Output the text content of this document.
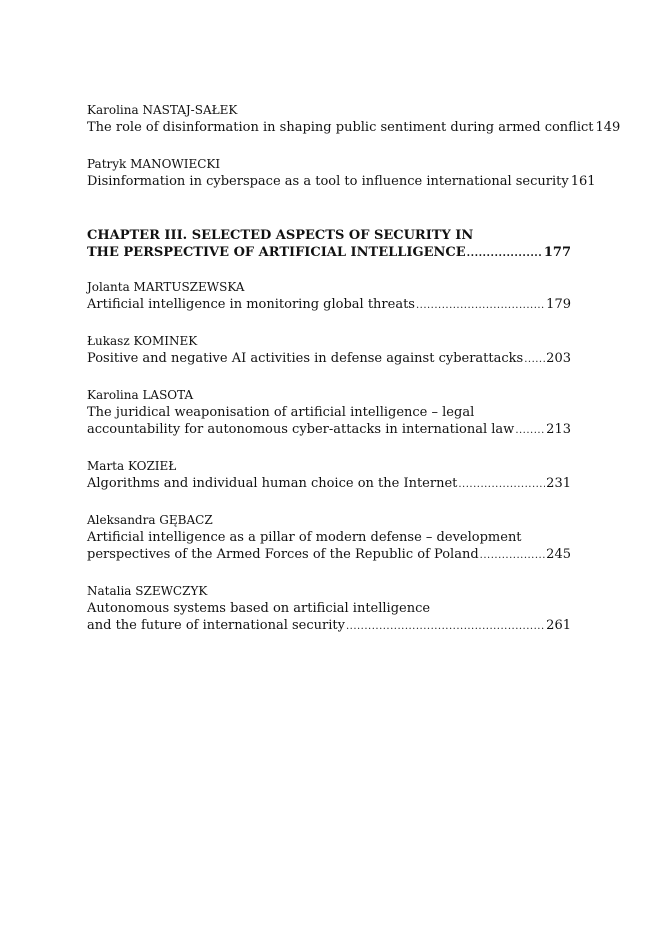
Karolina NASTAJ-SAŁEK
The role of disinformation in shaping public sentiment during armed conflict 149
Patryk MANOWIECKI
Disinformation in cyberspace as a tool to influence international security 161
CHAPTER III. SELECTED ASPECTS OF SECURITY IN
THE PERSPECTIVE OF ARTIFICIAL INTELLIGENCE .....	177
Jolanta MARTUSZEWSKA
Artificial intelligence in monitoring global threats .....	179
Łukasz KOMINEK
Positive and negative AI activities in defense against cyberattacks ..... 203
Karolina LASOTA
The juridical weaponisation of artificial intelligence – legal
accountability for autonomous cyber-attacks in international law ..... 213
Marta KOZIEŁ
Algorithms and individual human choice on the Internet .....	231
Aleksandra GĘBACZ
Artificial intelligence as a pillar of modern defense – development
perspectives of the Armed Forces of the Republic of Poland .....	245
Natalia SZEWCZYK
Autonomous systems based on artificial intelligence
and the future of international security .....	261
